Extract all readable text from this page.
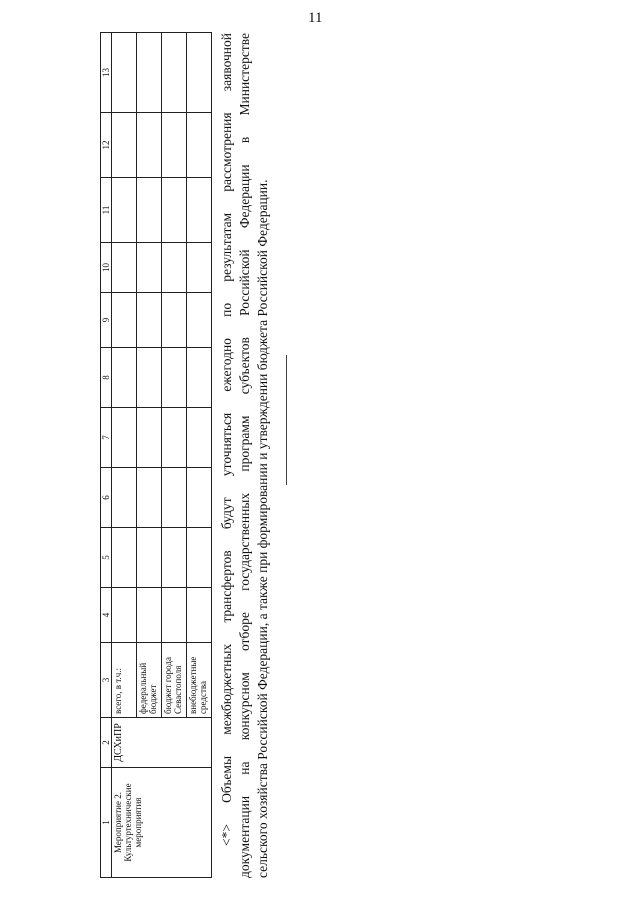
11
1	2	3	4	5	6	7	8	9	10	11	12	13
Мероприятие 2. Культуртехнические мероприятия	ДСХиПР	всего, в т.ч.:										
		федеральный бюджет										
		бюджет города Севастополя										
		внебюджетные средства										<*> Объемы межбюджетных трансфертов будут уточняться ежегодно по результатам рассмотрения заявочной документации на конкурсном отборе государственных программ субъектов Российской Федерации в Министерстве сельского хозяйства Российской Федерации, а также при формировании и утверждении бюджета Российской Федерации.
